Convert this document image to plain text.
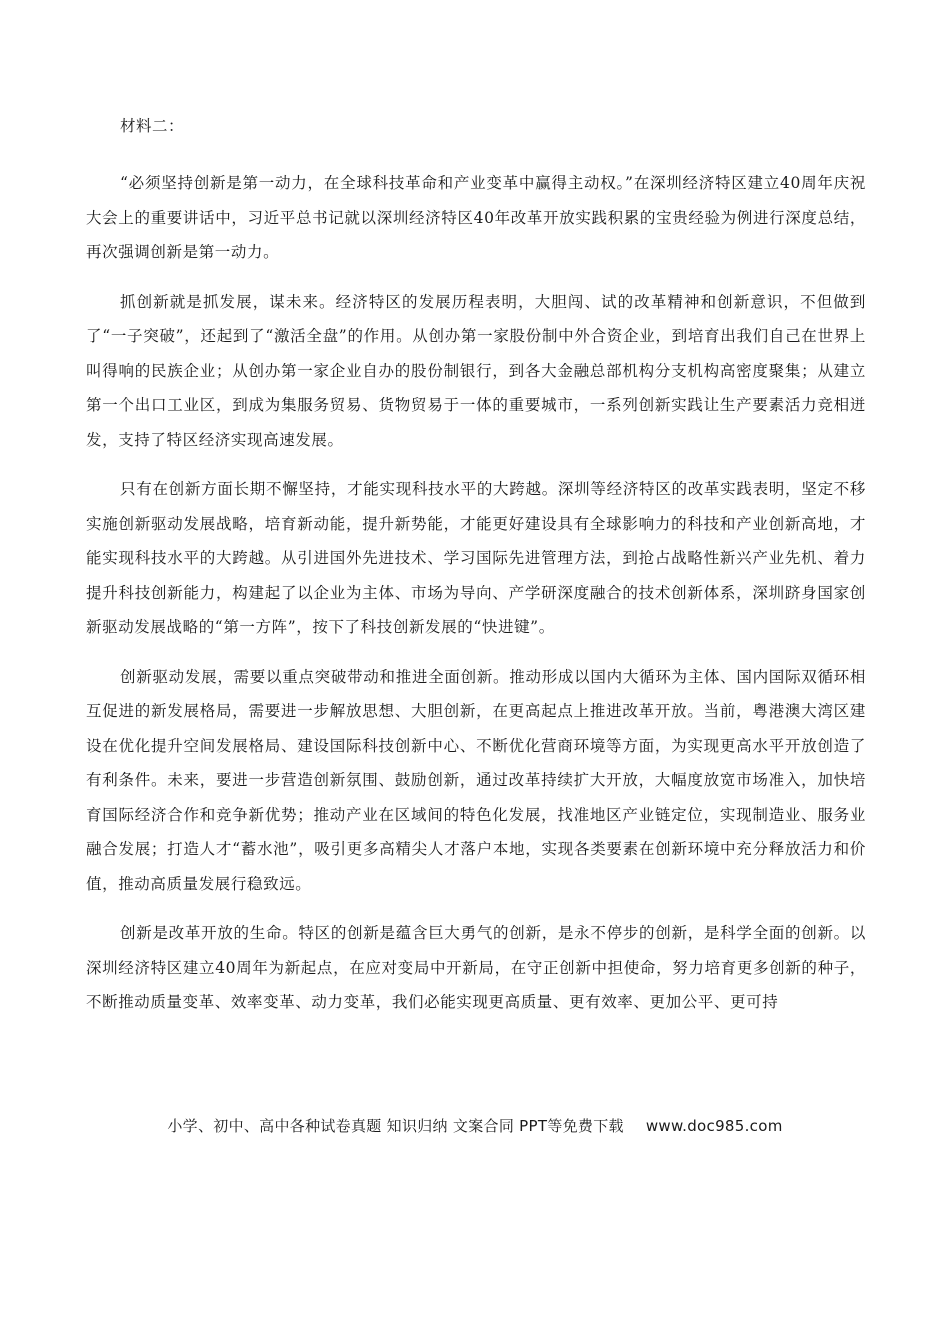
材料二：

“必须坚持创新是第一动力，在全球科技革命和产业变革中赢得主动权。”在深圳经济特区建立40周年庆祝大会上的重要讲话中，习近平总书记就以深圳经济特区40年改革开放实践积累的宝贵经验为例进行深度总结，再次强调创新是第一动力。

抓创新就是抓发展，谋未来。经济特区的发展历程表明，大胆闯、试的改革精神和创新意识，不但做到了“一子突破”，还起到了“激活全盘”的作用。从创办第一家股份制中外合资企业，到培育出我们自己在世界上叫得响的民族企业；从创办第一家企业自办的股份制银行，到各大金融总部机构分支机构高密度聚集；从建立第一个出口工业区，到成为集服务贸易、货物贸易于一体的重要城市，一系列创新实践让生产要素活力竞相迸发，支持了特区经济实现高速发展。

只有在创新方面长期不懈坚持，才能实现科技水平的大跨越。深圳等经济特区的改革实践表明，坚定不移实施创新驱动发展战略，培育新动能，提升新势能，才能更好建设具有全球影响力的科技和产业创新高地，才能实现科技水平的大跨越。从引进国外先进技术、学习国际先进管理方法，到抢占战略性新兴产业先机、着力提升科技创新能力，构建起了以企业为主体、市场为导向、产学研深度融合的技术创新体系，深圳跻身国家创新驱动发展战略的“第一方阵”，按下了科技创新发展的“快进键”。

创新驱动发展，需要以重点突破带动和推进全面创新。推动形成以国内大循环为主体、国内国际双循环相互促进的新发展格局，需要进一步解放思想、大胆创新，在更高起点上推进改革开放。当前，粤港澳大湾区建设在优化提升空间发展格局、建设国际科技创新中心、不断优化营商环境等方面，为实现更高水平开放创造了有利条件。未来，要进一步营造创新氛围、鼓励创新，通过改革持续扩大开放，大幅度放宽市场准入，加快培育国际经济合作和竞争新优势；推动产业在区域间的特色化发展，找准地区产业链定位，实现制造业、服务业融合发展；打造人才“蓄水池”，吸引更多高精尖人才落户本地，实现各类要素在创新环境中充分释放活力和价值，推动高质量发展行稳致远。

创新是改革开放的生命。特区的创新是蕴含巨大勇气的创新，是永不停步的创新，是科学全面的创新。以深圳经济特区建立40周年为新起点，在应对变局中开新局，在守正创新中担使命，努力培育更多创新的种子，不断推动质量变革、效率变革、动力变革，我们必能实现更高质量、更有效率、更加公平、更可持

小学、初中、高中各种试卷真题 知识归纳 文案合同 PPT等免费下载 www.doc985.com
